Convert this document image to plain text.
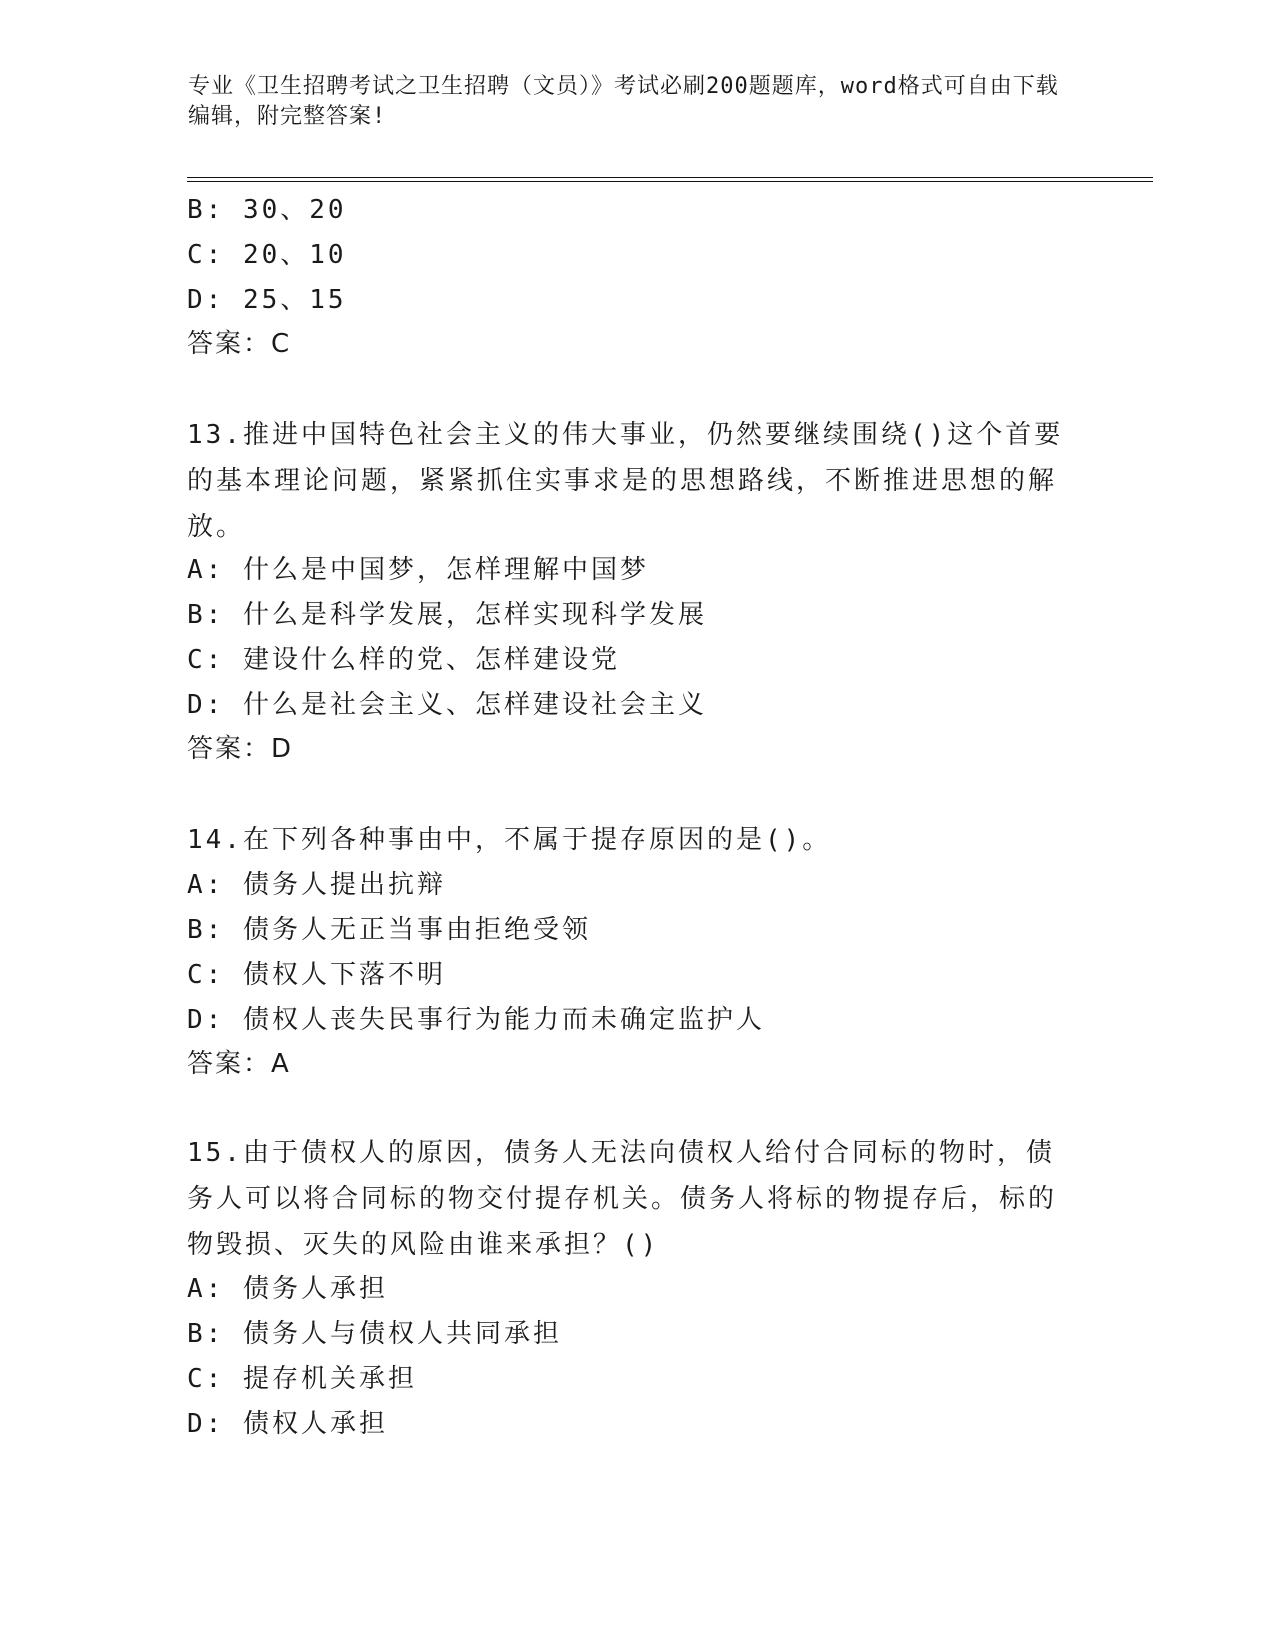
专业《卫生招聘考试之卫生招聘（文员）》考试必刷200题题库，word格式可自由下载编辑，附完整答案!
B: 30、20
C: 20、10
D: 25、15
答案：C
13.推进中国特色社会主义的伟大事业，仍然要继续围绕()这个首要的基本理论问题，紧紧抓住实事求是的思想路线，不断推进思想的解放。
A: 什么是中国梦，怎样理解中国梦
B: 什么是科学发展，怎样实现科学发展
C: 建设什么样的党、怎样建设党
D: 什么是社会主义、怎样建设社会主义
答案：D
14.在下列各种事由中，不属于提存原因的是()。
A: 债务人提出抗辩
B: 债务人无正当事由拒绝受领
C: 债权人下落不明
D: 债权人丧失民事行为能力而未确定监护人
答案：A
15.由于债权人的原因，债务人无法向债权人给付合同标的物时，债务人可以将合同标的物交付提存机关。债务人将标的物提存后，标的物毁损、灭失的风险由谁来承担？()
A: 债务人承担
B: 债务人与债权人共同承担
C: 提存机关承担
D: 债权人承担
